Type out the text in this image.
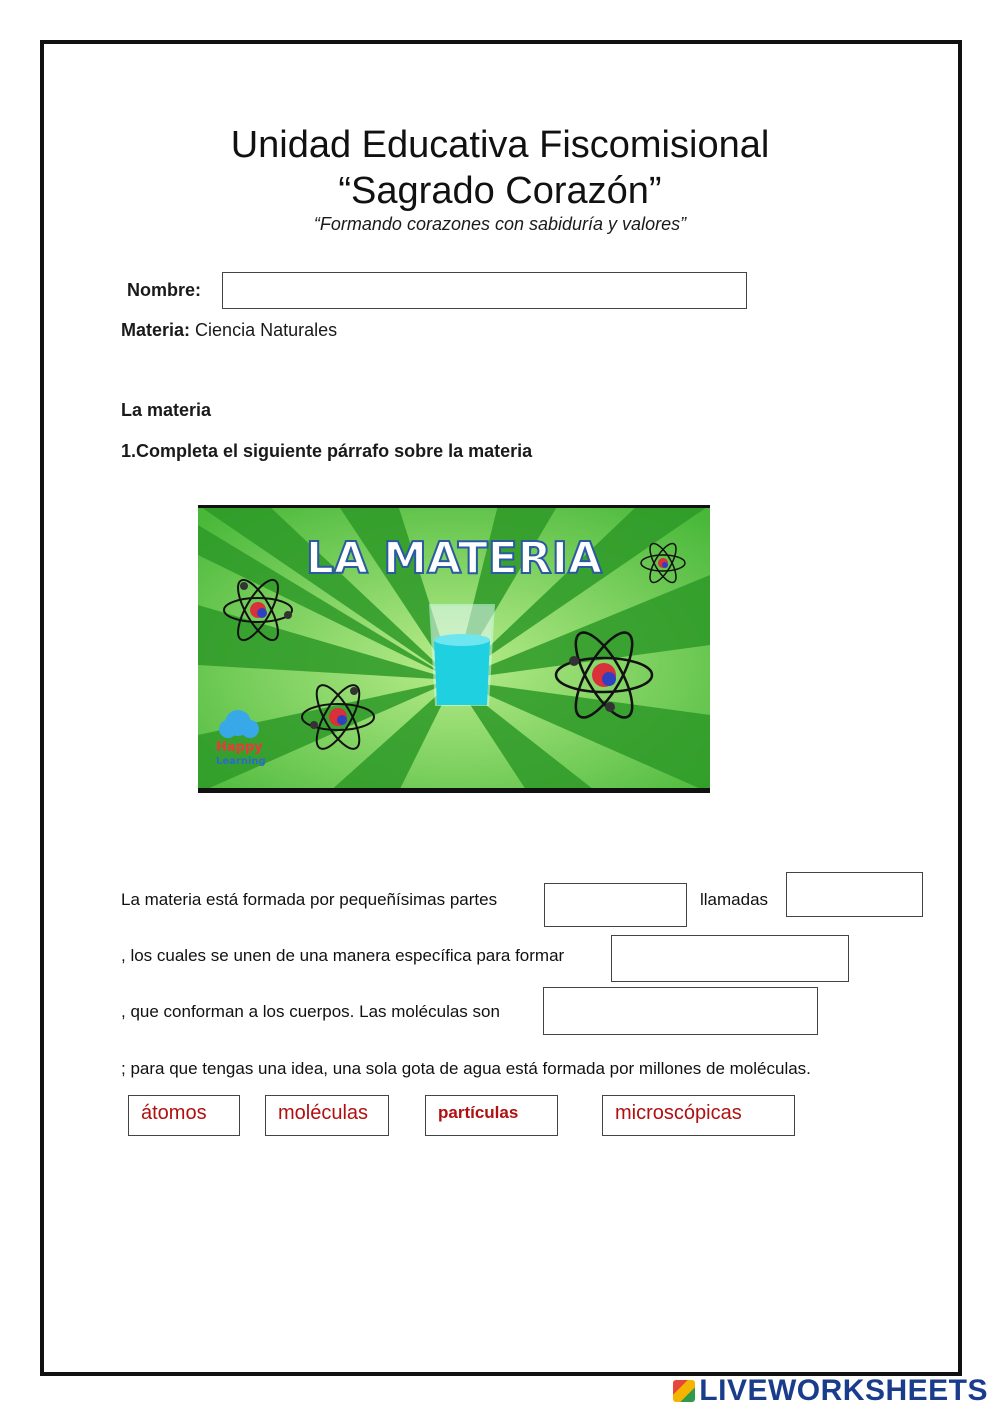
Unidad Educativa Fiscomisional
“Sagrado Corazón”
“Formando corazones con sabiduría y valores”
Nombre:
Materia: Ciencia Naturales
La materia
1.Completa el siguiente párrafo sobre la materia
LA MATERIA
Happy
Learning
La materia está formada por pequeñísimas partes	llamadas
, los cuales se unen de una manera específica para formar
, que conforman a los cuerpos. Las moléculas son
; para que tengas una idea, una sola gota de agua está formada por millones de moléculas.
átomos	moléculas	partículas	microscópicas
LIVEWORKSHEETS
